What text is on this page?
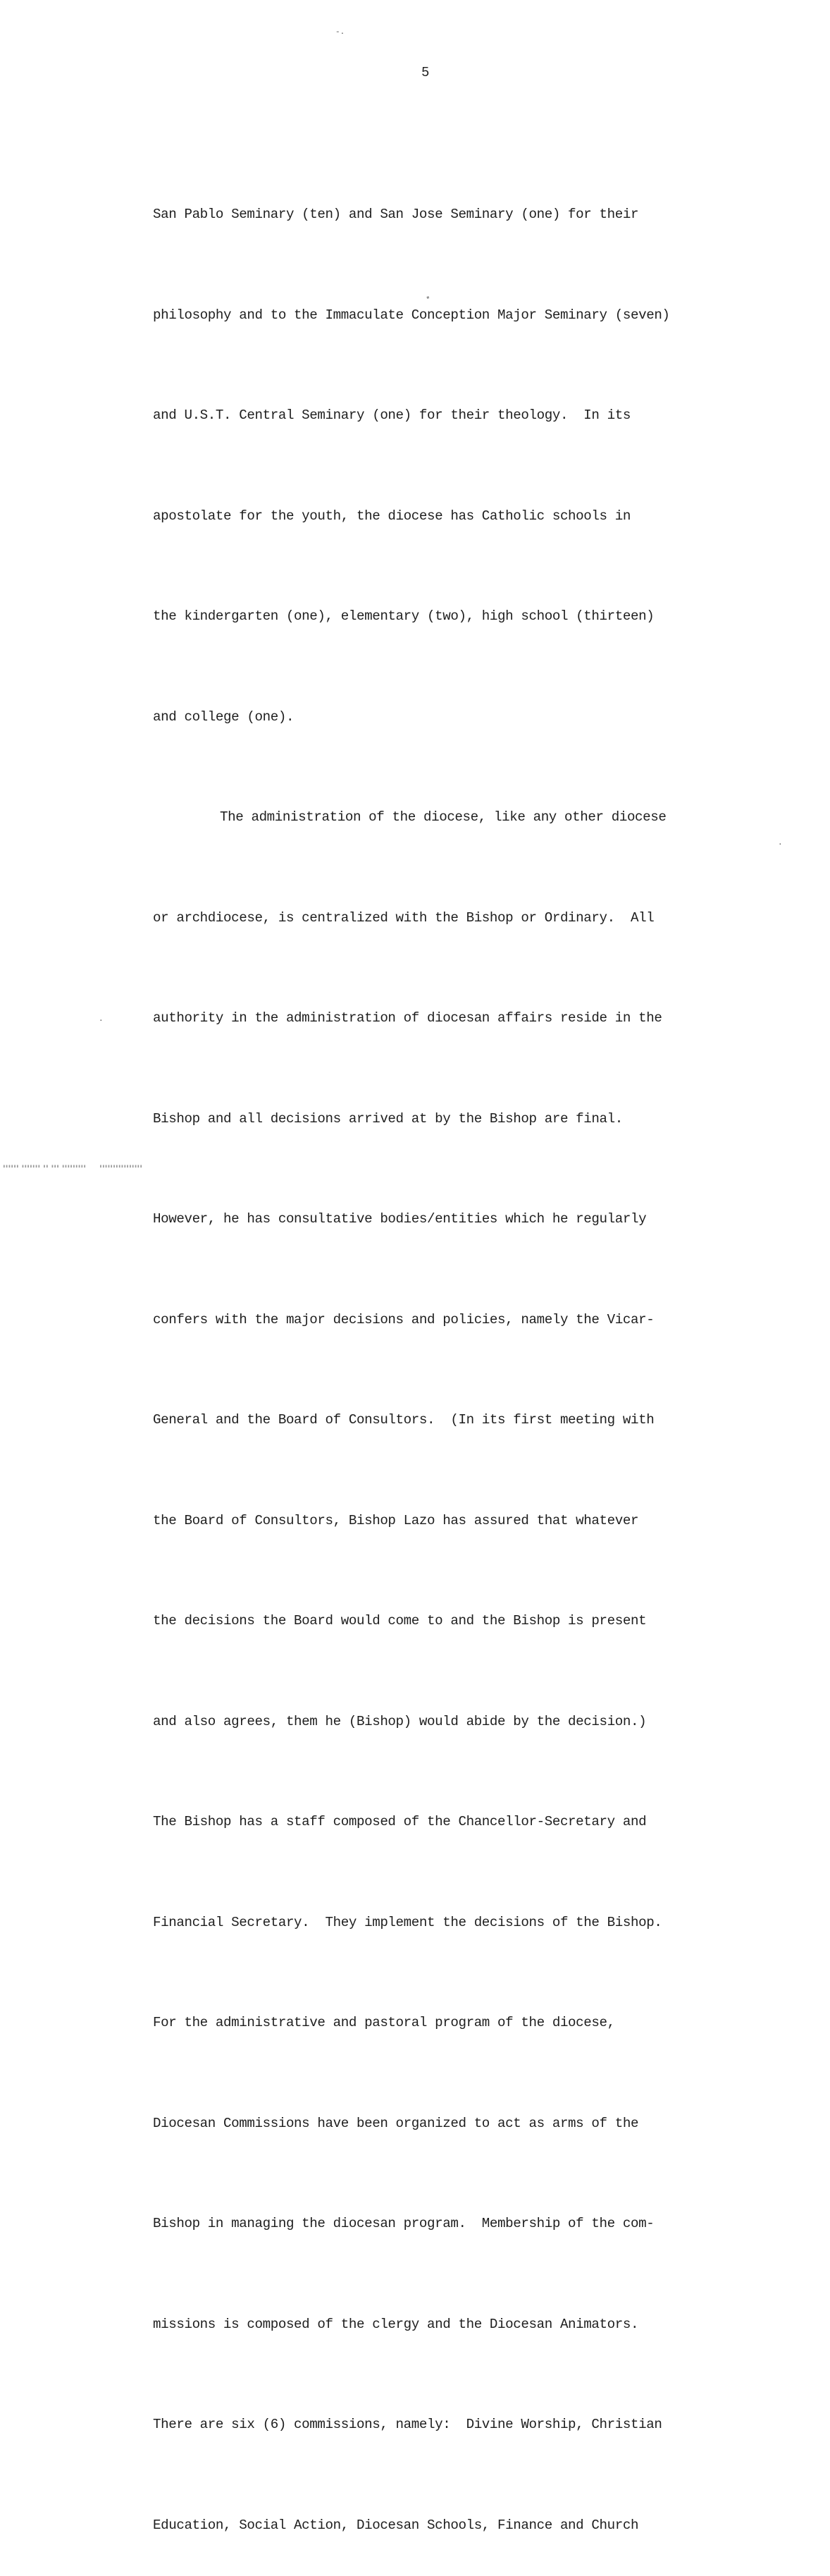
-.
5

San Pablo Seminary (ten) and San Jose Seminary (one) for their

philosophy and to the Immaculate Conception Major Seminary (seven)

and U.S.T. Central Seminary (one) for their theology.  In its

apostolate for the youth, the diocese has Catholic schools in

the kindergarten (one), elementary (two), high school (thirteen)

and college (one).

The administration of the diocese, like any other diocese

or archdiocese, is centralized with the Bishop or Ordinary.  All

authority in the administration of diocesan affairs reside in the

Bishop and all decisions arrived at by the Bishop are final.

However, he has consultative bodies/entities which he regularly

confers with the major decisions and policies, namely the Vicar-

General and the Board of Consultors.  (In its first meeting with

the Board of Consultors, Bishop Lazo has assured that whatever

the decisions the Board would come to and the Bishop is present

and also agrees, them he (Bishop) would abide by the decision.)

The Bishop has a staff composed of the Chancellor-Secretary and

Financial Secretary.  They implement the decisions of the Bishop.

For the administrative and pastoral program of the diocese,

Diocesan Commissions have been organized to act as arms of the

Bishop in managing the diocesan program.  Membership of the com-

missions is composed of the clergy and the Diocesan Animators.

There are six (6) commissions, namely:  Divine Worship, Christian

Education, Social Action, Diocesan Schools, Finance and Church

*
.
.
▮▮▮▮▮▮ ▮▮▮▮▮▮▮ ▮▮ ▮▮▮ ▮▮▮▮▮▮▮▮▮     ▮▮▮▮▮▮▮▮▮▮▮▮▮▮▮▮
